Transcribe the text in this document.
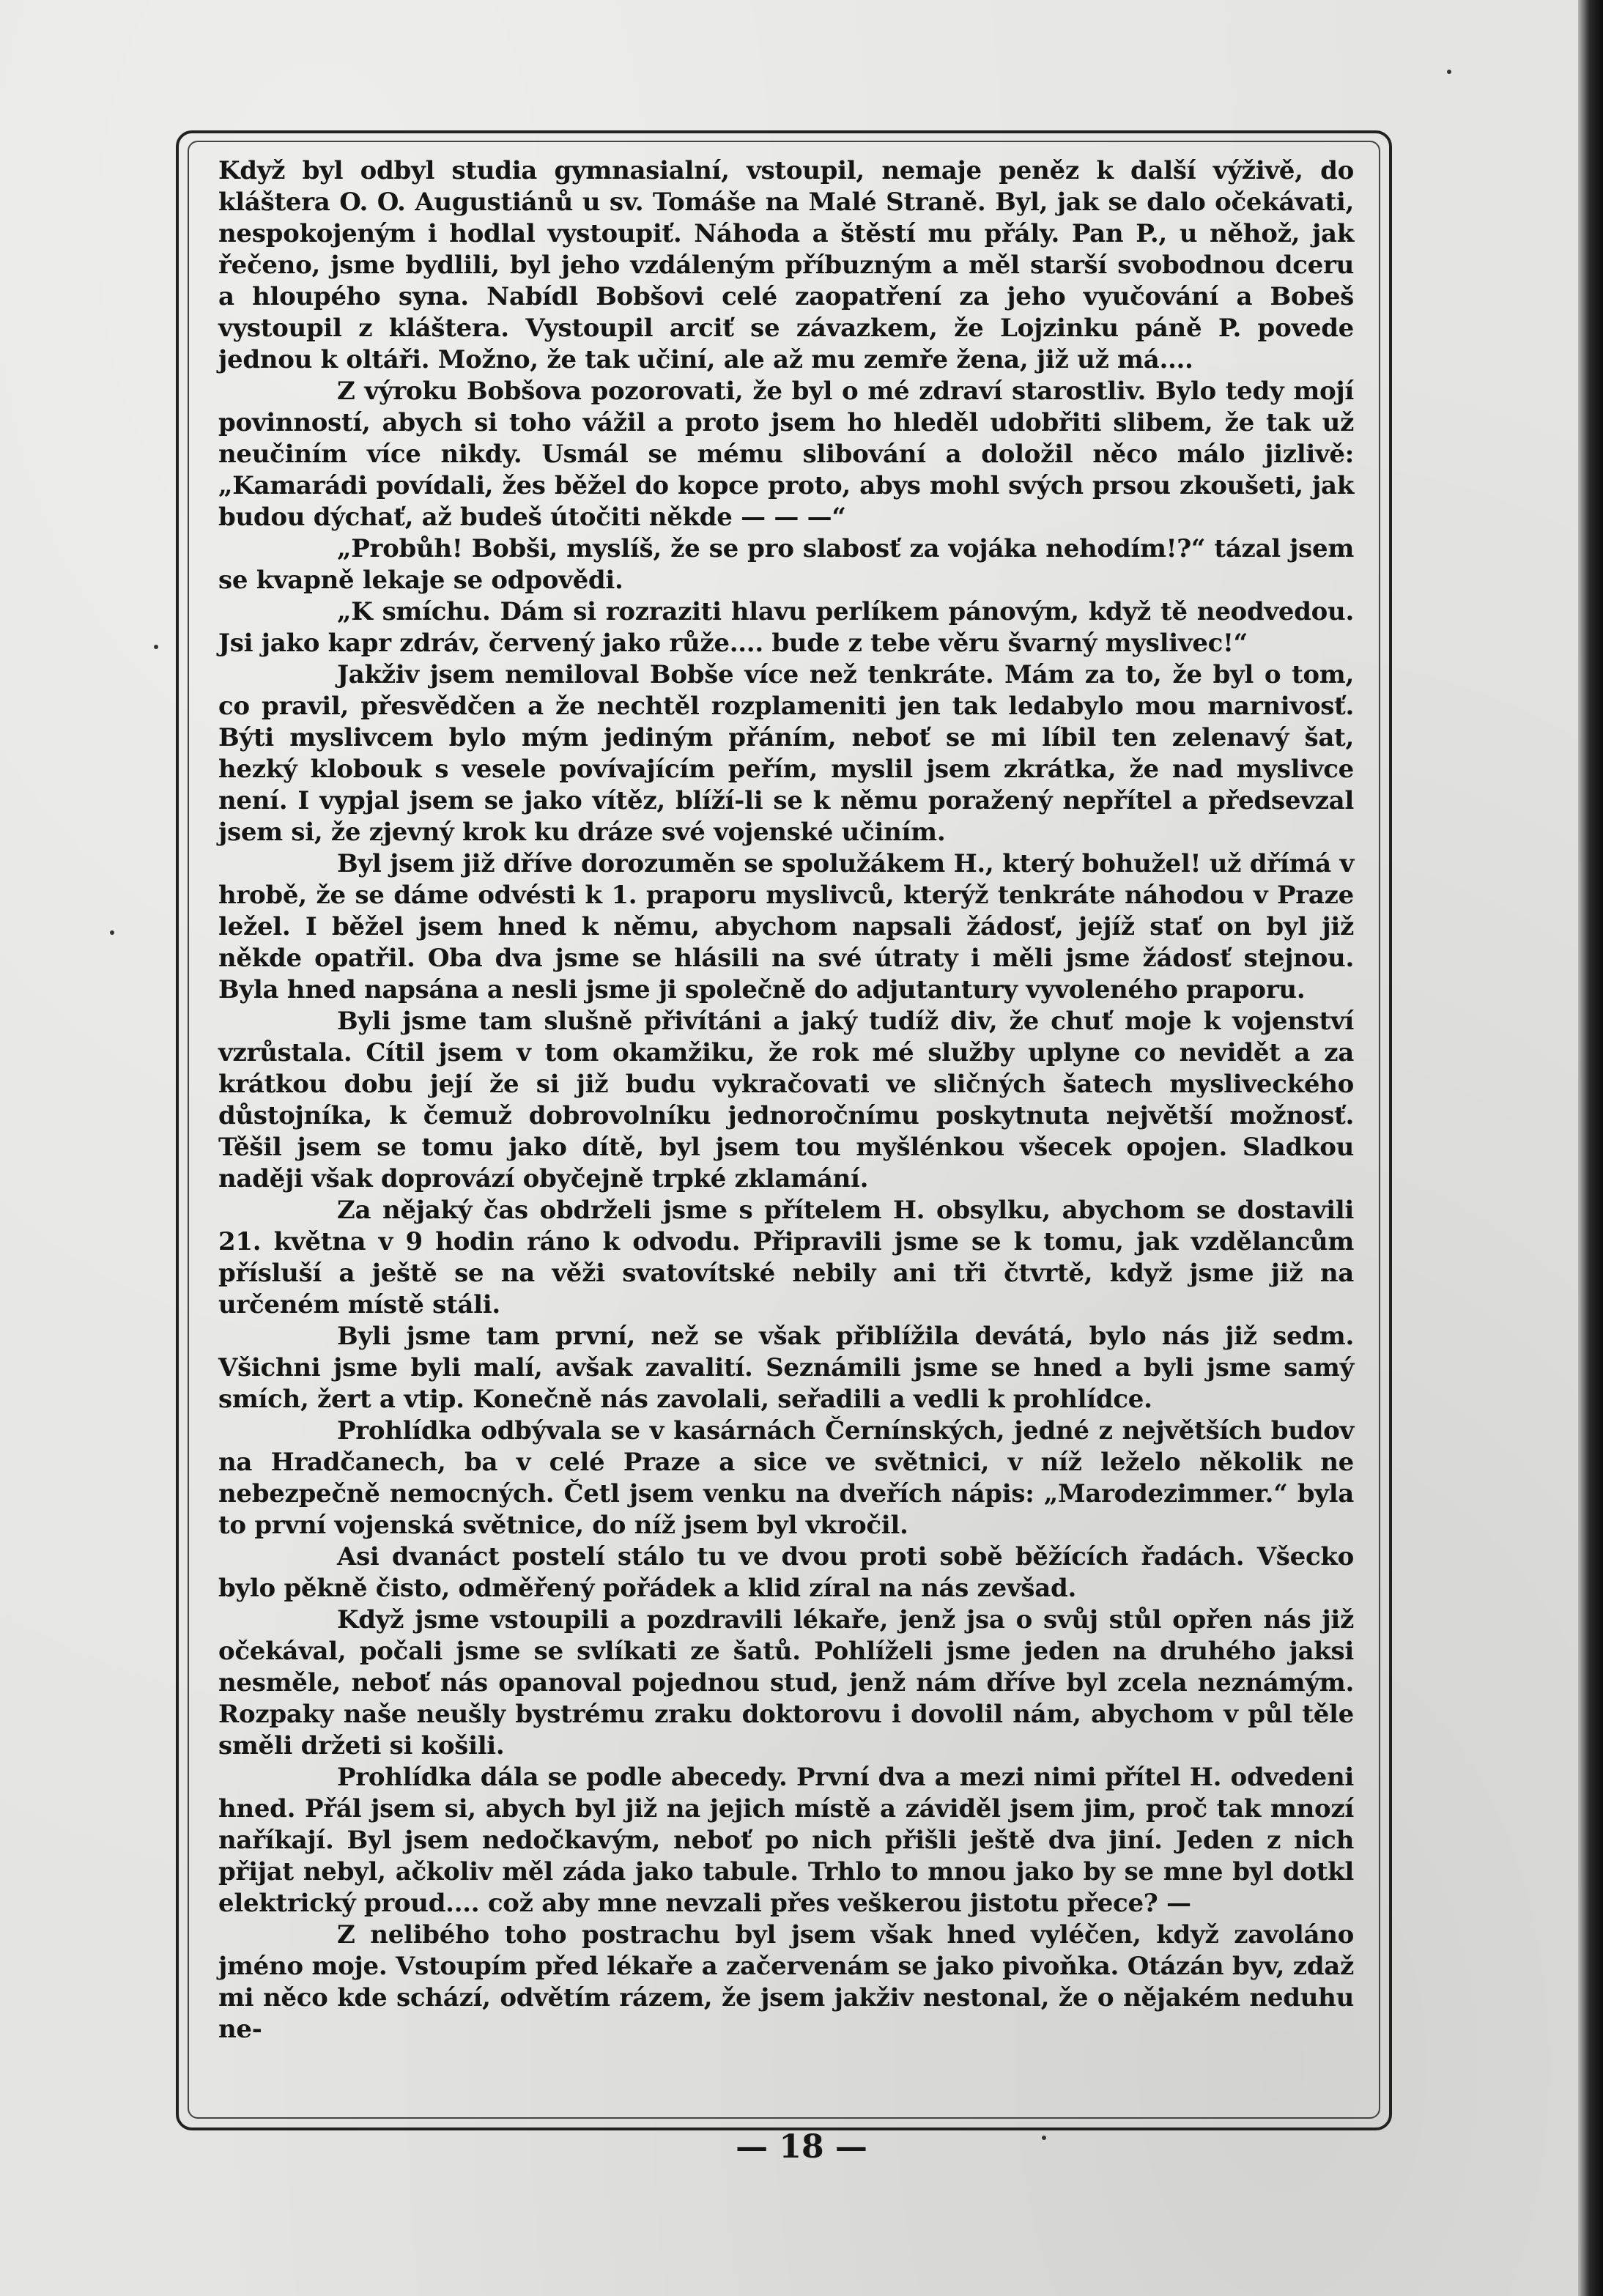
Když byl odbyl studia gymnasialní, vstoupil, nemaje peněz k další výživě, do kláštera O. O. Augustiánů u sv. Tomáše na Malé Straně. Byl, jak se dalo očekávati, nespokojeným i hodlal vystoupiť. Náhoda a štěstí mu přály. Pan P., u něhož, jak řečeno, jsme bydlili, byl jeho vzdáleným příbuzným a měl starší svobodnou dceru a hloupého syna. Nabídl Bobšovi celé zaopatření za jeho vyučování a Bobeš vystoupil z kláštera. Vystoupil arciť se závazkem, že Lojzinku páně P. povede jednou k oltáři. Možno, že tak učiní, ale až mu zemře žena, již už má....

Z výroku Bobšova pozorovati, že byl o mé zdraví starostliv. Bylo tedy mojí povinností, abych si toho vážil a proto jsem ho hleděl udobřiti slibem, že tak už neučiním více nikdy. Usmál se mému slibování a doložil něco málo jizlivě: „Kamarádi povídali, žes běžel do kopce proto, abys mohl svých prsou zkoušeti, jak budou dýchať, až budeš útočiti někde — — —“

„Probůh! Bobši, myslíš, že se pro slabosť za vojáka nehodím!?“ tázal jsem se kvapně lekaje se odpovědi.

„K smíchu. Dám si rozraziti hlavu perlíkem pánovým, když tě neodvedou. Jsi jako kapr zdráv, červený jako růže.... bude z tebe věru švarný myslivec!“

Jakživ jsem nemiloval Bobše více než tenkráte. Mám za to, že byl o tom, co pravil, přesvědčen a že nechtěl rozplameniti jen tak ledabylo mou marnivosť. Býti myslivcem bylo mým jediným přáním, neboť se mi líbil ten zelenavý šat, hezký klobouk s vesele povívajícím peřím, myslil jsem zkrátka, že nad myslivce není. I vypjal jsem se jako vítěz, blíží-li se k němu poražený nepřítel a předsevzal jsem si, že zjevný krok ku dráze své vojenské učiním.

Byl jsem již dříve dorozuměn se spolužákem H., který bohužel! už dřímá v hrobě, že se dáme odvésti k 1. praporu myslivců, kterýž tenkráte náhodou v Praze ležel. I běžel jsem hned k němu, abychom napsali žádosť, jejíž stať on byl již někde opatřil. Oba dva jsme se hlásili na své útraty i měli jsme žádosť stejnou. Byla hned napsána a nesli jsme ji společně do adjutantury vyvoleného praporu.

Byli jsme tam slušně přivítáni a jaký tudíž div, že chuť moje k vojenství vzrůstala. Cítil jsem v tom okamžiku, že rok mé služby uplyne co nevidět a za krátkou dobu její že si již budu vykračovati ve sličných šatech mysliveckého důstojníka, k čemuž dobrovolníku jednoročnímu poskytnuta největší možnosť. Těšil jsem se tomu jako dítě, byl jsem tou myšlénkou všecek opojen. Sladkou naději však doprovází obyčejně trpké zklamání.

Za nějaký čas obdrželi jsme s přítelem H. obsylku, abychom se dostavili 21. května v 9 hodin ráno k odvodu. Připravili jsme se k tomu, jak vzdělancům přísluší a ještě se na věži svatovítské nebily ani tři čtvrtě, když jsme již na určeném místě stáli.

Byli jsme tam první, než se však přiblížila devátá, bylo nás již sedm. Všichni jsme byli malí, avšak zavalití. Seznámili jsme se hned a byli jsme samý smích, žert a vtip. Konečně nás zavolali, seřadili a vedli k prohlídce.

Prohlídka odbývala se v kasárnách Černínských, jedné z největších budov na Hradčanech, ba v celé Praze a sice ve světnici, v níž leželo několik ne nebezpečně nemocných. Četl jsem venku na dveřích nápis: „Marodezimmer.“ byla to první vojenská světnice, do níž jsem byl vkročil.

Asi dvanáct postelí stálo tu ve dvou proti sobě běžících řadách. Všecko bylo pěkně čisto, odměřený pořádek a klid zíral na nás zevšad.

Když jsme vstoupili a pozdravili lékaře, jenž jsa o svůj stůl opřen nás již očekával, počali jsme se svlíkati ze šatů. Pohlíželi jsme jeden na druhého jaksi nesměle, neboť nás opanoval pojednou stud, jenž nám dříve byl zcela neznámým. Rozpaky naše neušly bystrému zraku doktorovu i dovolil nám, abychom v půl těle směli držeti si košili.

Prohlídka dála se podle abecedy. První dva a mezi nimi přítel H. odvedeni hned. Přál jsem si, abych byl již na jejich místě a záviděl jsem jim, proč tak mnozí naříkají. Byl jsem nedočkavým, neboť po nich přišli ještě dva jiní. Jeden z nich přijat nebyl, ačkoliv měl záda jako tabule. Trhlo to mnou jako by se mne byl dotkl elektrický proud.... což aby mne nevzali přes veškerou jistotu přece? —

Z nelibého toho postrachu byl jsem však hned vyléčen, když zavoláno jméno moje. Vstoupím před lékaře a začervenám se jako pivoňka. Otázán byv, zdaž mi něco kde schází, odvětím rázem, že jsem jakživ nestonal, že o nějakém neduhu ne-

— 18 —
